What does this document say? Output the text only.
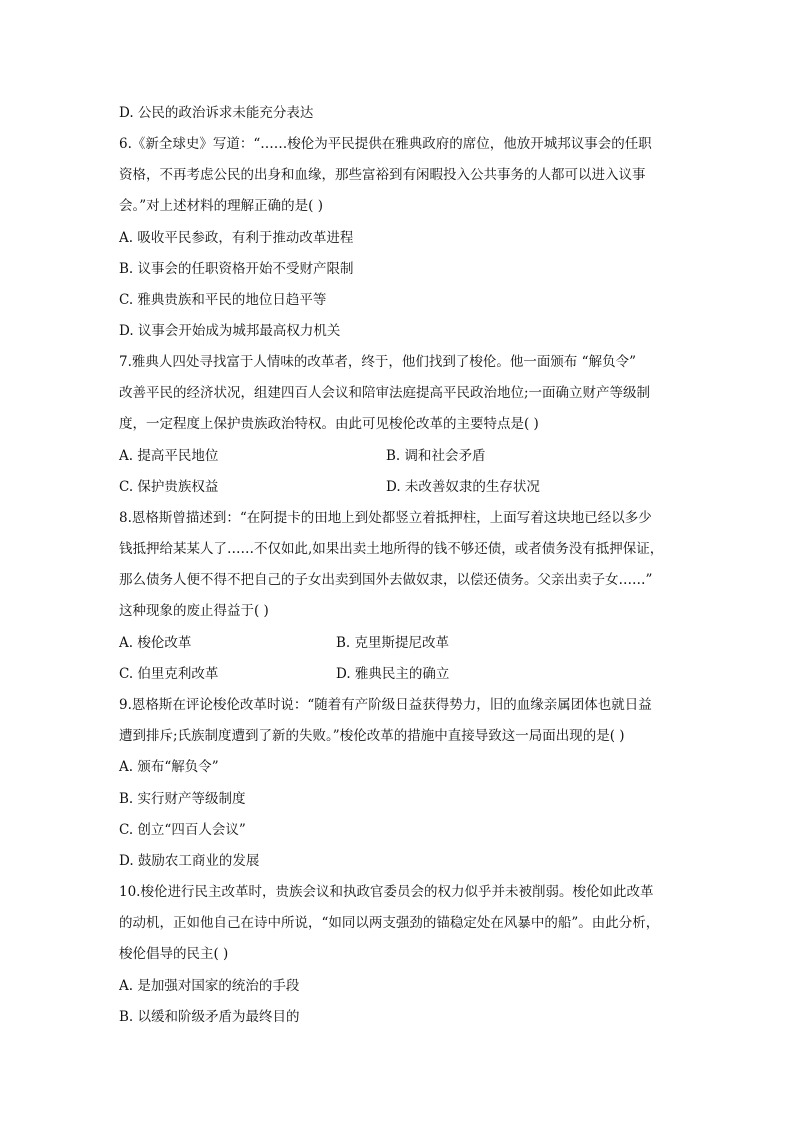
D. 公民的政治诉求未能充分表达
6.《新全球史》写道：“……梭伦为平民提供在雅典政府的席位，他放开城邦议事会的任职
资格，不再考虑公民的出身和血缘，那些富裕到有闲暇投入公共事务的人都可以进入议事
会。”对上述材料的理解正确的是( )
A. 吸收平民参政，有利于推动改革进程
B. 议事会的任职资格开始不受财产限制
C. 雅典贵族和平民的地位日趋平等
D. 议事会开始成为城邦最高权力机关
7.雅典人四处寻找富于人情味的改革者，终于，他们找到了梭伦。他一面颁布 “解负令”
改善平民的经济状况，组建四百人会议和陪审法庭提高平民政治地位;一面确立财产等级制
度，一定程度上保护贵族政治特权。由此可见梭伦改革的主要特点是( )
A. 提高平民地位	B. 调和社会矛盾
C. 保护贵族权益	D. 未改善奴隶的生存状况
8.恩格斯曾描述到：“在阿提卡的田地上到处都竖立着抵押柱，上面写着这块地已经以多少
钱抵押给某某人了……不仅如此,如果出卖土地所得的钱不够还债，或者债务没有抵押保证，
那么债务人便不得不把自己的子女出卖到国外去做奴隶，以偿还债务。父亲出卖子女……”
这种现象的废止得益于( )
A. 梭伦改革	B. 克里斯提尼改革
C. 伯里克利改革	D. 雅典民主的确立
9.恩格斯在评论梭伦改革时说：“随着有产阶级日益获得势力，旧的血缘亲属团体也就日益
遭到排斥;氏族制度遭到了新的失败。”梭伦改革的措施中直接导致这一局面出现的是( )
A. 颁布“解负令”
B. 实行财产等级制度
C. 创立“四百人会议”
D. 鼓励农工商业的发展
10.梭伦进行民主改革时，贵族会议和执政官委员会的权力似乎并未被削弱。梭伦如此改革
的动机，正如他自己在诗中所说，“如同以两支强劲的锚稳定处在风暴中的船”。由此分析，
梭伦倡导的民主( )
A. 是加强对国家的统治的手段
B. 以缓和阶级矛盾为最终目的
